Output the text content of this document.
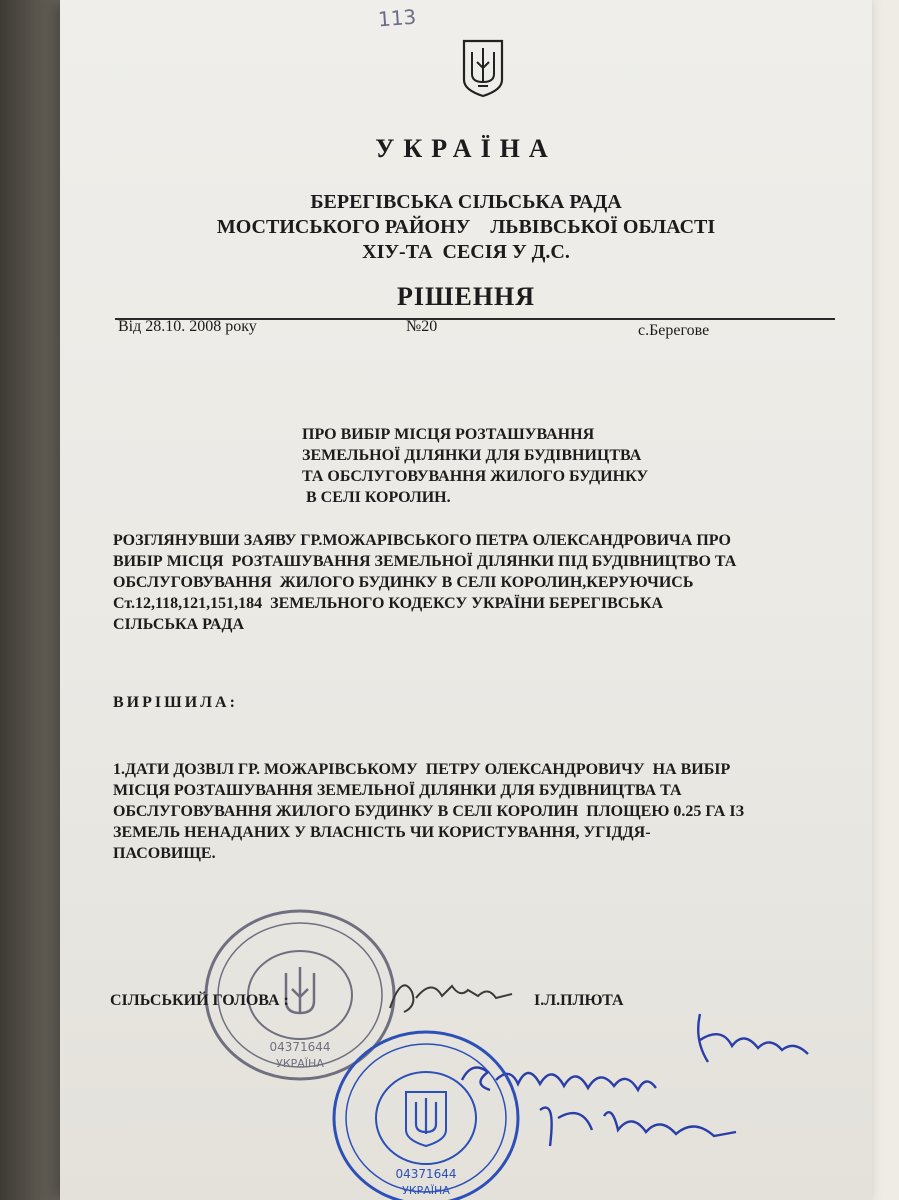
113
УКРАЇНА
БЕРЕГІВСЬКА СІЛЬСЬКА РАДА
МОСТИСЬКОГО РАЙОНУ    ЛЬВІВСЬКОЇ ОБЛАСТІ
ХІУ-ТА  СЕСІЯ У Д.С.
РІШЕННЯ
Від 28.10. 2008 року	№20	с.Берегове
ПРО ВИБІР МІСЦЯ РОЗТАШУВАННЯ
ЗЕМЕЛЬНОЇ ДІЛЯНКИ ДЛЯ БУДІВНИЦТВА
ТА ОБСЛУГОВУВАННЯ ЖИЛОГО БУДИНКУ
В СЕЛІ КОРОЛИН.
РОЗГЛЯНУВШИ ЗАЯВУ ГР.МОЖАРІВСЬКОГО ПЕТРА ОЛЕКСАНДРОВИЧА ПРО
ВИБІР МІСЦЯ  РОЗТАШУВАННЯ ЗЕМЕЛЬНОЇ ДІЛЯНКИ ПІД БУДІВНИЦТВО ТА
ОБСЛУГОВУВАННЯ  ЖИЛОГО БУДИНКУ В СЕЛІ КОРОЛИН,КЕРУЮЧИСЬ
Ст.12,118,121,151,184  ЗЕМЕЛЬНОГО КОДЕКСУ УКРАЇНИ БЕРЕГІВСЬКА
СІЛЬСЬКА РАДА
ВИРІШИЛА:
1.ДАТИ ДОЗВІЛ ГР. МОЖАРІВСЬКОМУ  ПЕТРУ ОЛЕКСАНДРОВИЧУ  НА ВИБІР
МІСЦЯ РОЗТАШУВАННЯ ЗЕМЕЛЬНОЇ ДІЛЯНКИ ДЛЯ БУДІВНИЦТВА ТА
ОБСЛУГОВУВАННЯ ЖИЛОГО БУДИНКУ В СЕЛІ КОРОЛИН  ПЛОЩЕЮ 0.25 ГА ІЗ
ЗЕМЕЛЬ НЕНАДАНИХ У ВЛАСНІСТЬ ЧИ КОРИСТУВАННЯ, УГІДДЯ-
ПАСОВИЩЕ.
04371644
УКРАЇНА
СІЛЬСЬКИЙ ГОЛОВА :	І.Л.ПЛЮТА
04371644
УКРАЇНА
